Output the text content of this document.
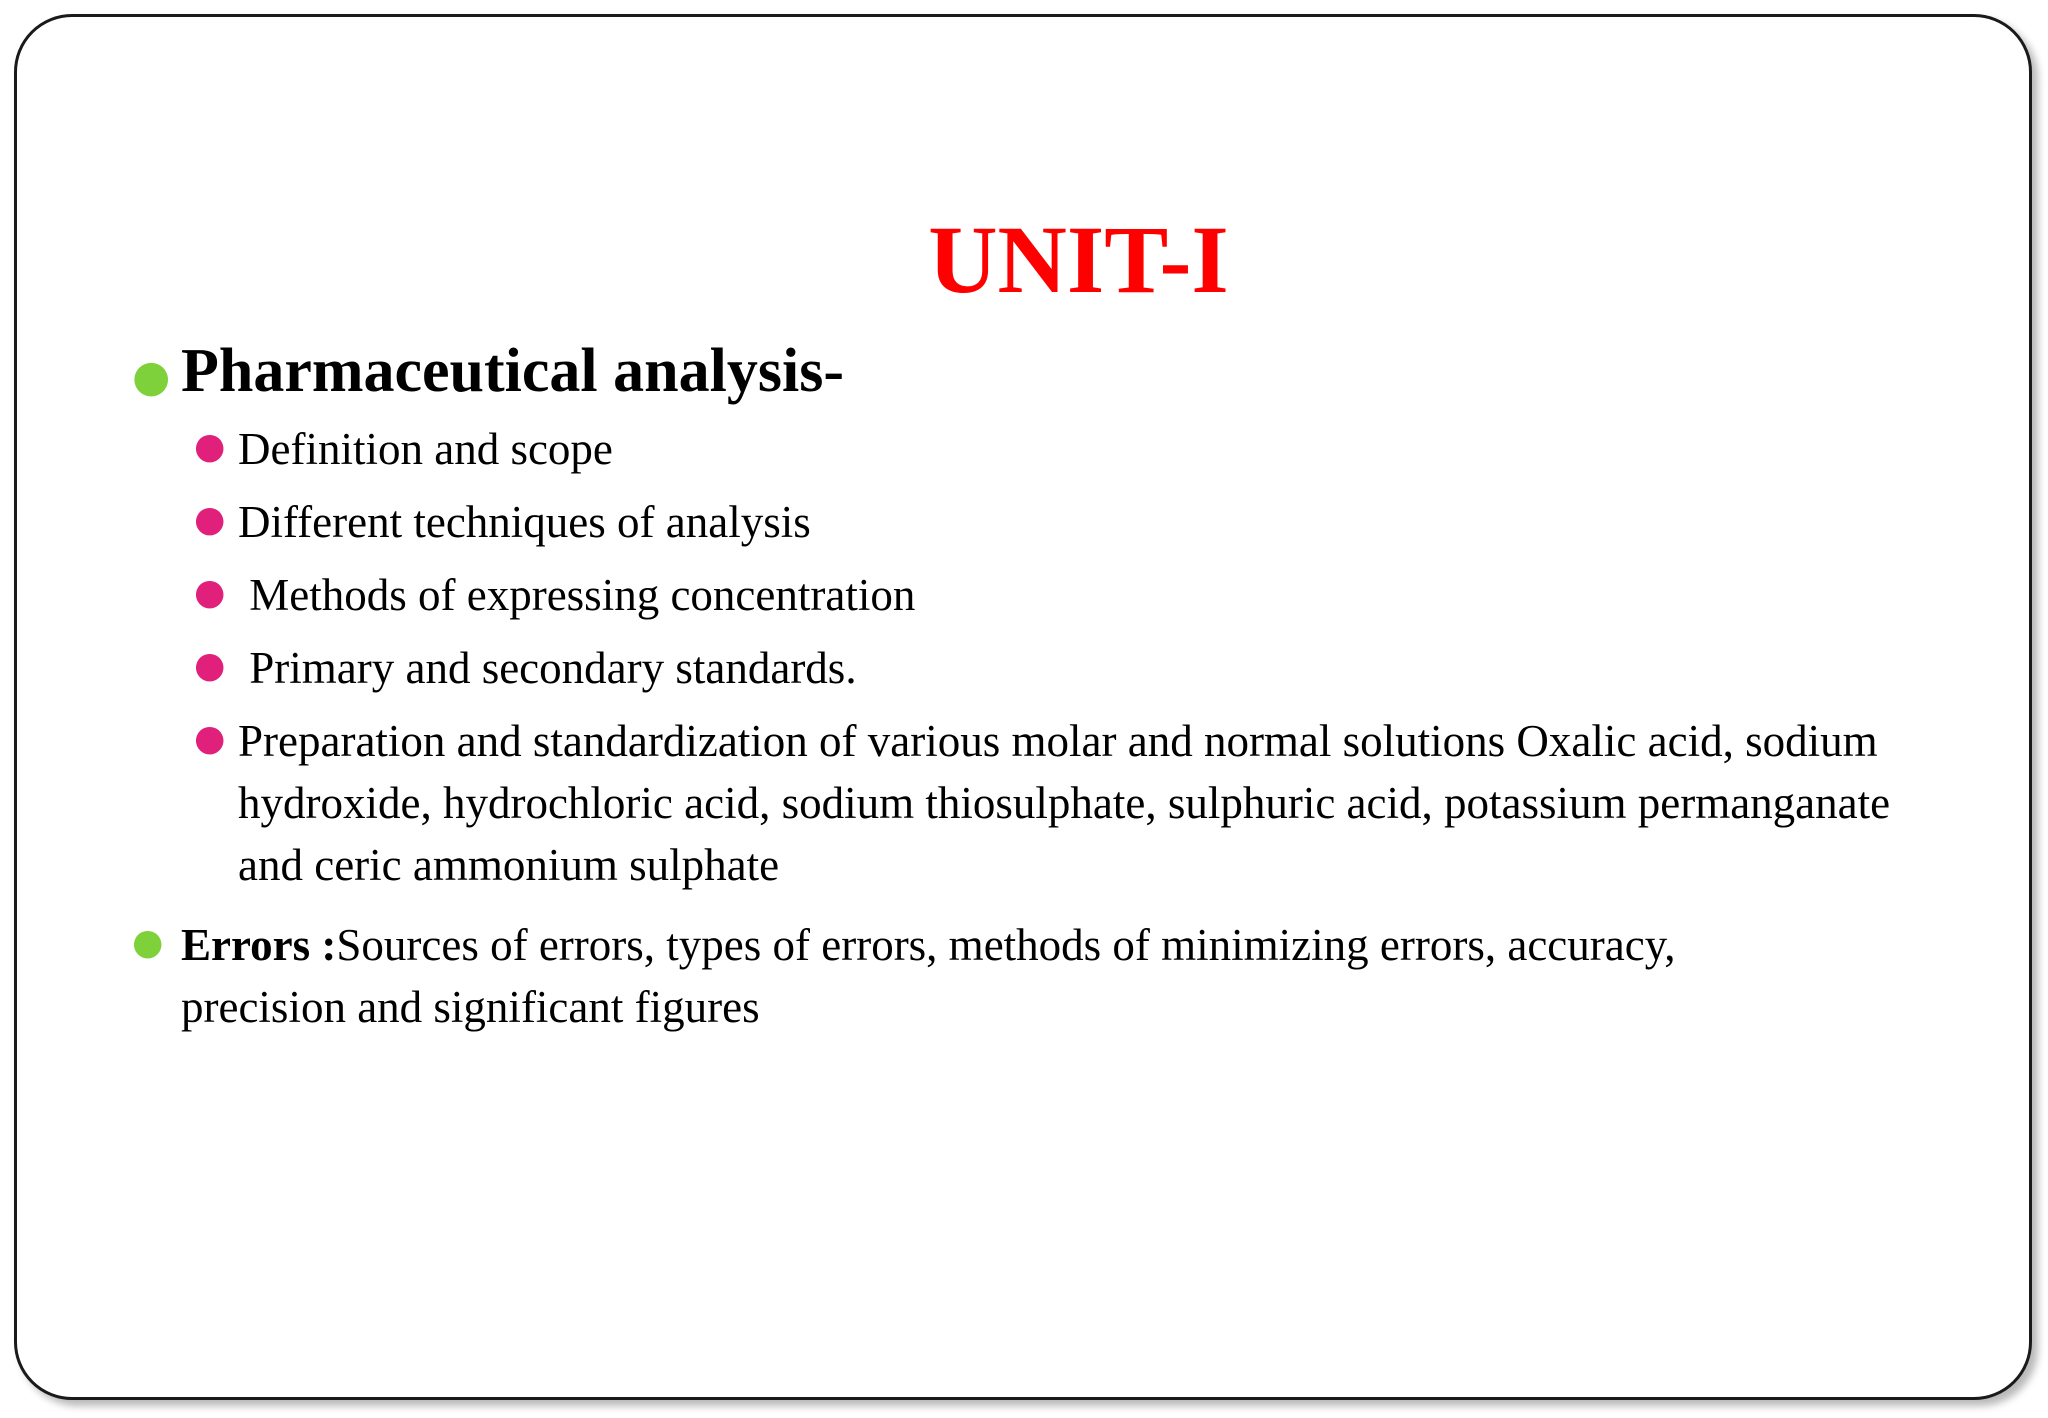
UNIT-I
● Pharmaceutical analysis-
● Definition and scope
● Different techniques of analysis
● Methods of expressing concentration
● Primary and secondary standards.
● Preparation and standardization of various molar and normal solutions Oxalic acid, sodium hydroxide, hydrochloric acid, sodium thiosulphate, sulphuric acid, potassium permanganate and ceric ammonium sulphate
● Errors :Sources of errors, types of errors, methods of minimizing errors, accuracy, precision and significant figures
